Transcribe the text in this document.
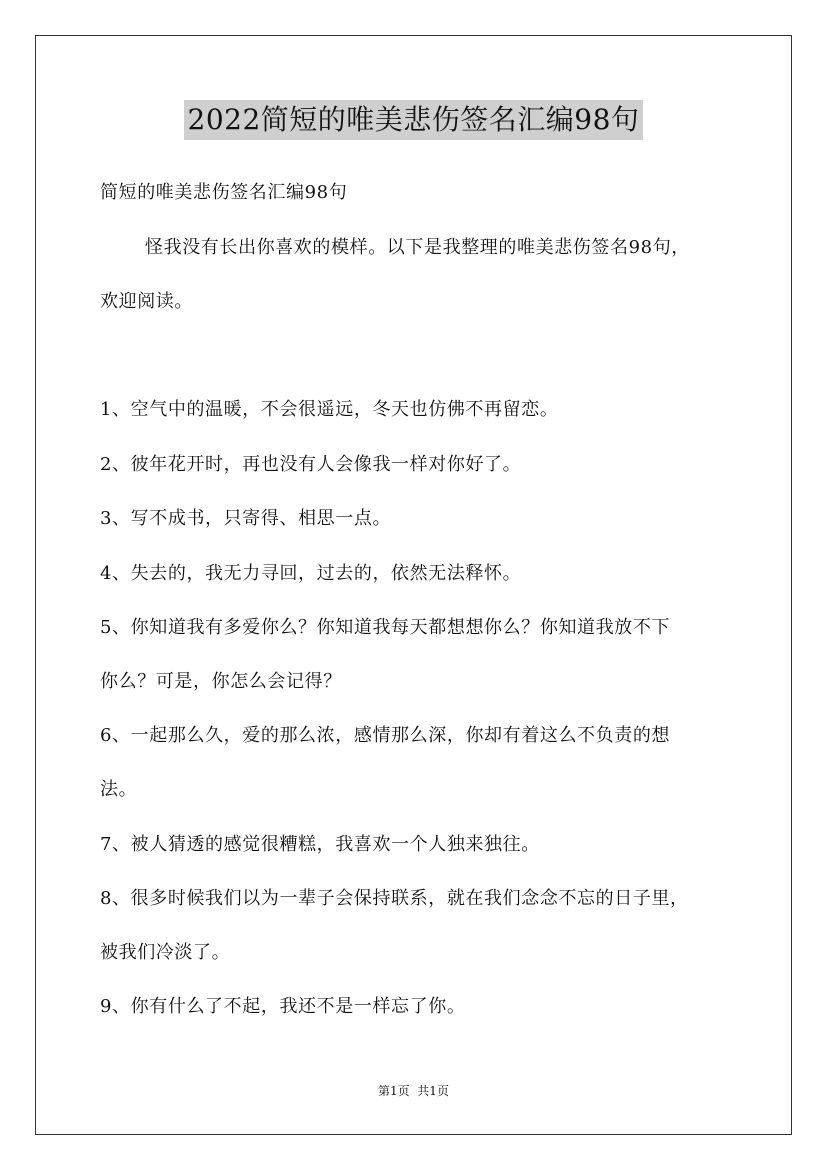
2022简短的唯美悲伤签名汇编98句
简短的唯美悲伤签名汇编98句
怪我没有长出你喜欢的模样。以下是我整理的唯美悲伤签名98句，
欢迎阅读。
1、空气中的温暖，不会很遥远，冬天也仿佛不再留恋。
2、彼年花开时，再也没有人会像我一样对你好了。
3、写不成书，只寄得、相思一点。
4、失去的，我无力寻回，过去的，依然无法释怀。
5、你知道我有多爱你么？你知道我每天都想想你么？你知道我放不下
你么？可是，你怎么会记得？
6、一起那么久，爱的那么浓，感情那么深，你却有着这么不负责的想
法。
7、被人猜透的感觉很糟糕，我喜欢一个人独来独往。
8、很多时候我们以为一辈子会保持联系，就在我们念念不忘的日子里，
被我们冷淡了。
9、你有什么了不起，我还不是一样忘了你。
第1页  共1页
